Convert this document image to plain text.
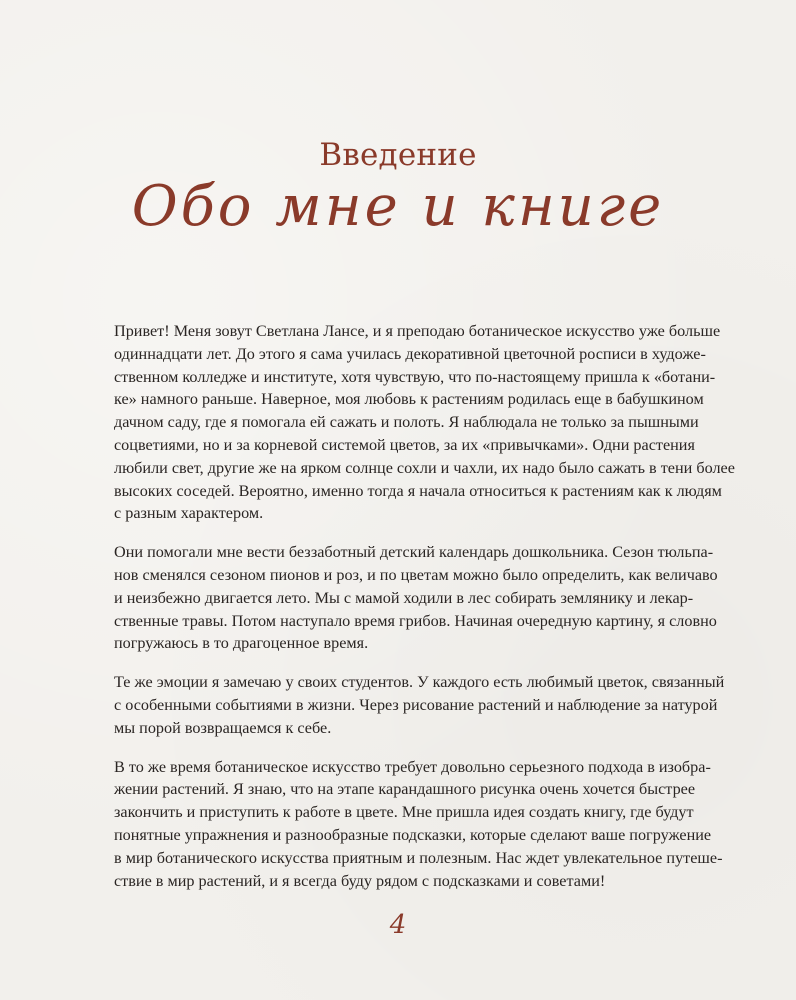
Введение
Обо мне и книге

Привет! Меня зовут Светлана Лансе, и я преподаю ботаническое искусство уже больше
одиннадцати лет. До этого я сама училась декоративной цветочной росписи в художе-
ственном колледже и институте, хотя чувствую, что по-настоящему пришла к «ботани-
ке» намного раньше. Наверное, моя любовь к растениям родилась еще в бабушкином
дачном саду, где я помогала ей сажать и полоть. Я наблюдала не только за пышными
соцветиями, но и за корневой системой цветов, за их «привычками». Одни растения
любили свет, другие же на ярком солнце сохли и чахли, их надо было сажать в тени более
высоких соседей. Вероятно, именно тогда я начала относиться к растениям как к людям
с разным характером.

Они помогали мне вести беззаботный детский календарь дошкольника. Сезон тюльпа-
нов сменялся сезоном пионов и роз, и по цветам можно было определить, как величаво
и неизбежно двигается лето. Мы с мамой ходили в лес собирать землянику и лекар-
ственные травы. Потом наступало время грибов. Начиная очередную картину, я словно
погружаюсь в то драгоценное время.

Те же эмоции я замечаю у своих студентов. У каждого есть любимый цветок, связанный
с особенными событиями в жизни. Через рисование растений и наблюдение за натурой
мы порой возвращаемся к себе.

В то же время ботаническое искусство требует довольно серьезного подхода в изобра-
жении растений. Я знаю, что на этапе карандашного рисунка очень хочется быстрее
закончить и приступить к работе в цвете. Мне пришла идея создать книгу, где будут
понятные упражнения и разнообразные подсказки, которые сделают ваше погружение
в мир ботанического искусства приятным и полезным. Нас ждет увлекательное путеше-
ствие в мир растений, и я всегда буду рядом с подсказками и советами!

4
